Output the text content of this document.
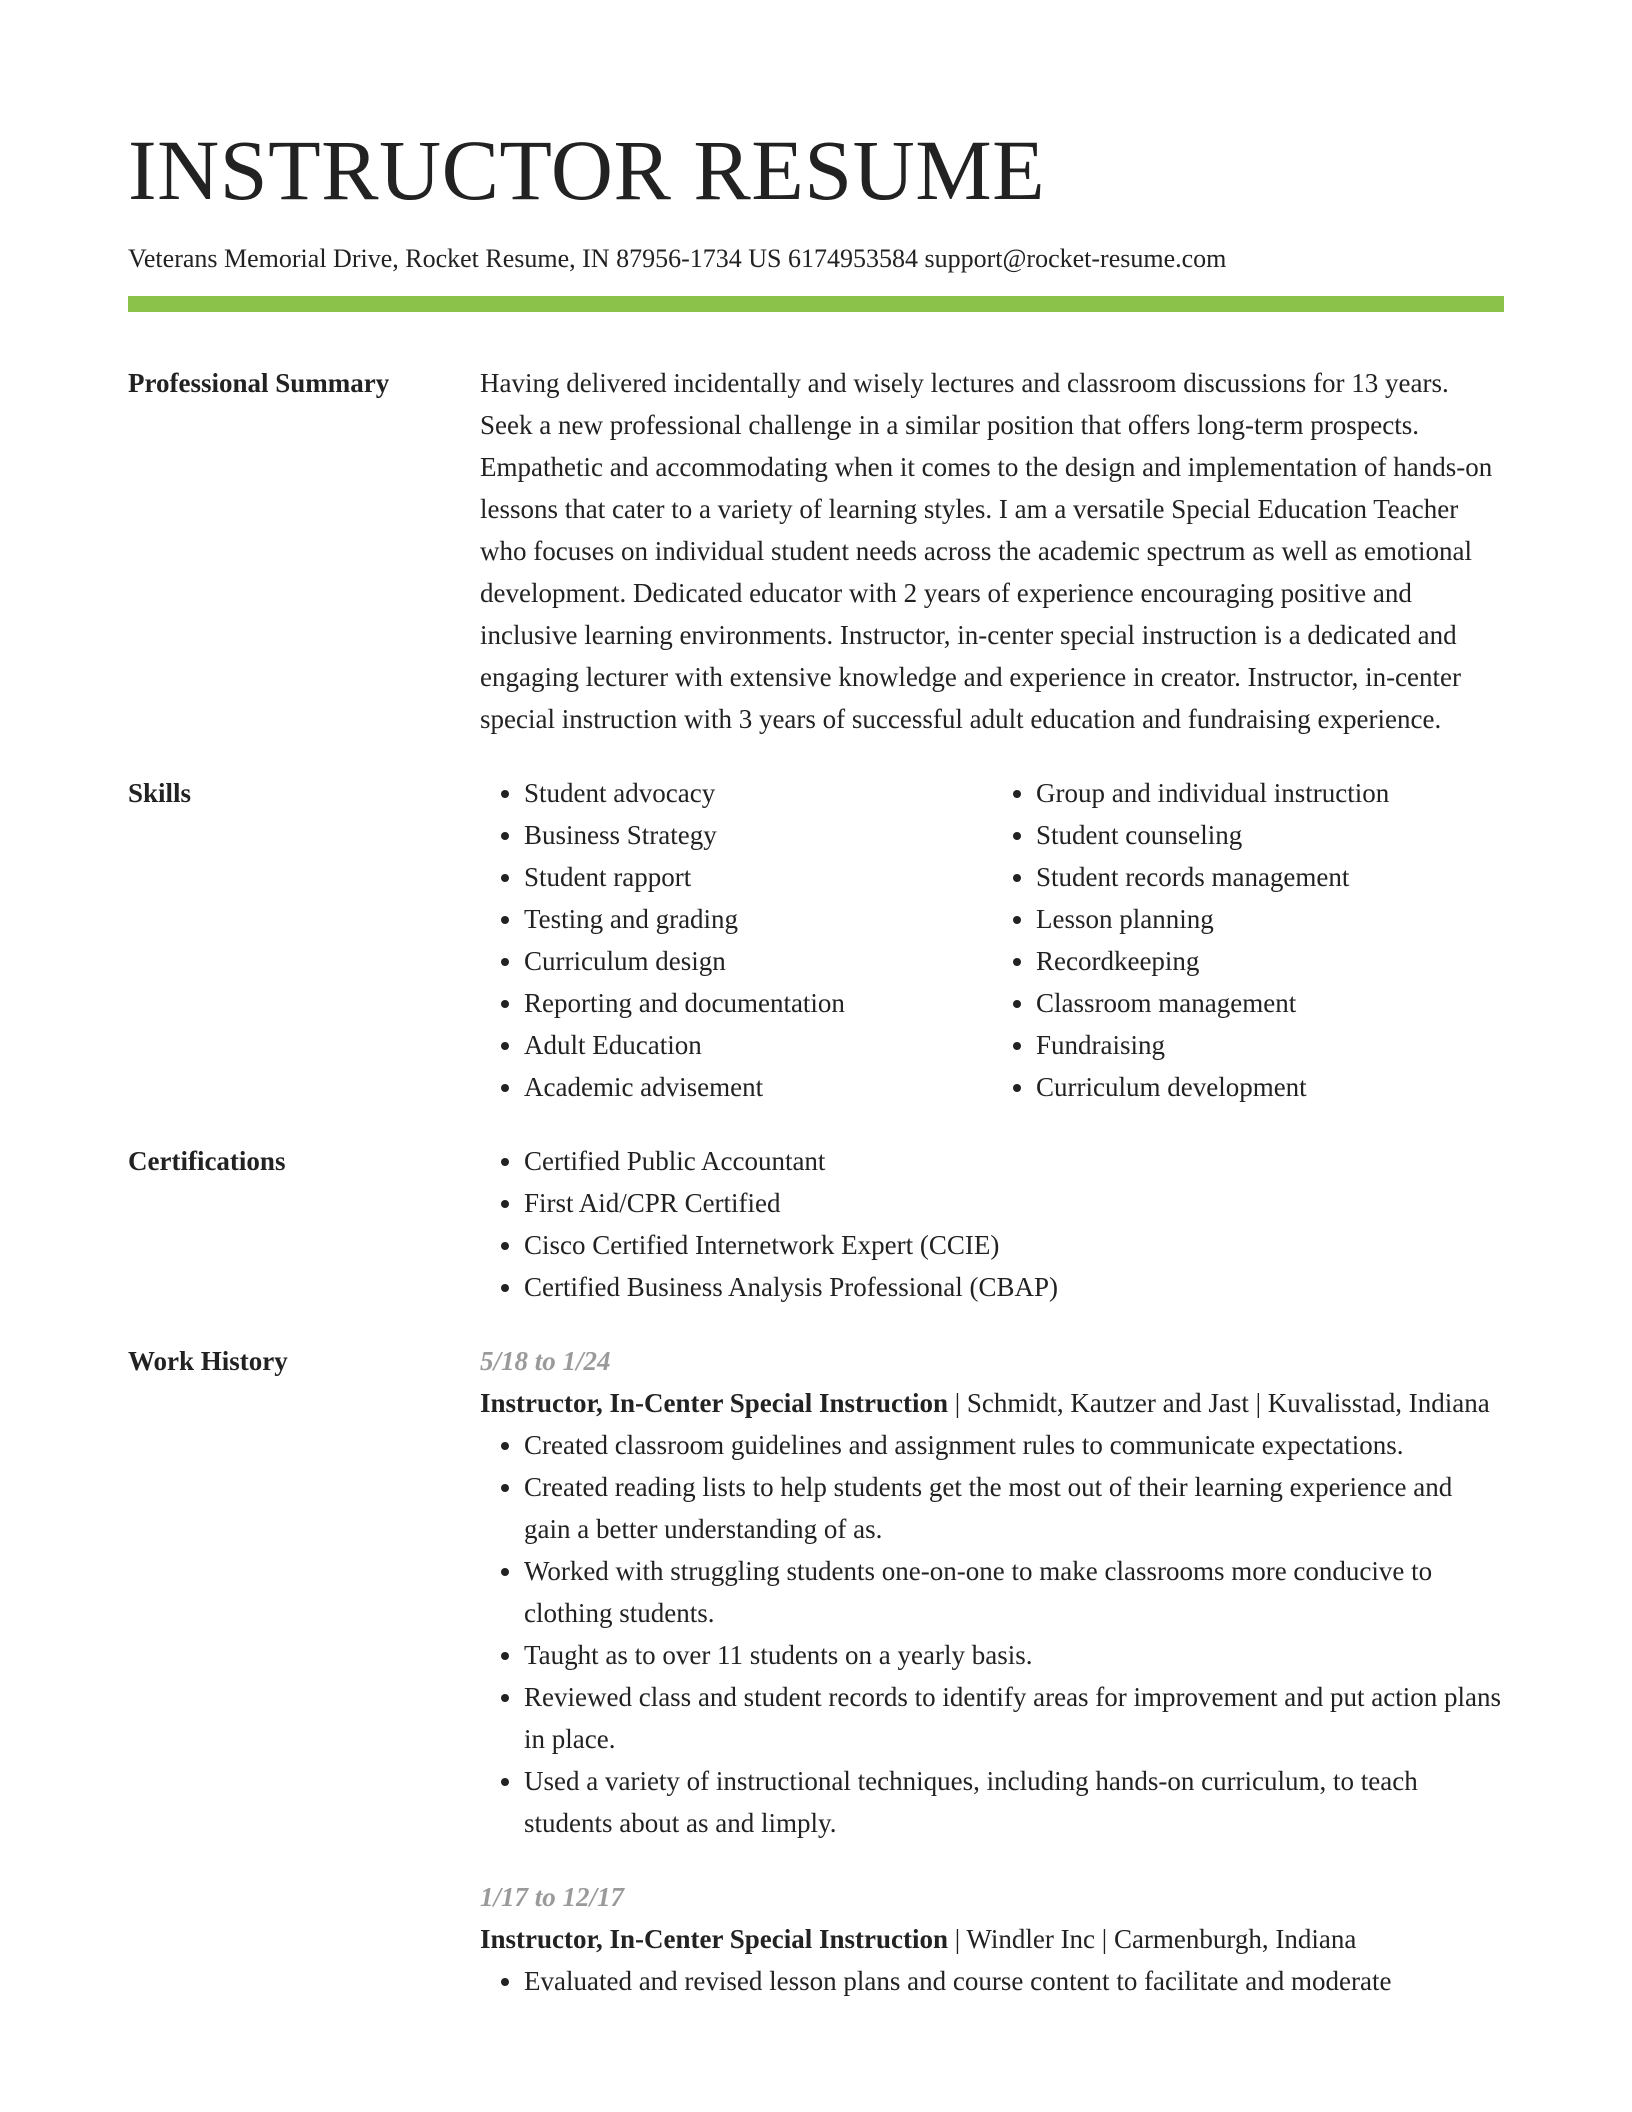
INSTRUCTOR RESUME
Veterans Memorial Drive, Rocket Resume, IN 87956-1734 US 6174953584 support@rocket-resume.com
Professional Summary	Having delivered incidentally and wisely lectures and classroom discussions for 13 years. Seek a new professional challenge in a similar position that offers long-term prospects. Empathetic and accommodating when it comes to the design and implementation of hands-on lessons that cater to a variety of learning styles. I am a versatile Special Education Teacher who focuses on individual student needs across the academic spectrum as well as emotional development. Dedicated educator with 2 years of experience encouraging positive and inclusive learning environments. Instructor, in-center special instruction is a dedicated and engaging lecturer with extensive knowledge and experience in creator. Instructor, in-center special instruction with 3 years of successful adult education and fundraising experience.
Skills	• Student advocacy
• Business Strategy
• Student rapport
• Testing and grading
• Curriculum design
• Reporting and documentation
• Adult Education
• Academic advisement
• Group and individual instruction
• Student counseling
• Student records management
• Lesson planning
• Recordkeeping
• Classroom management
• Fundraising
• Curriculum development
Certifications	• Certified Public Accountant
• First Aid/CPR Certified
• Cisco Certified Internetwork Expert (CCIE)
• Certified Business Analysis Professional (CBAP)
Work History	5/18 to 1/24
Instructor, In-Center Special Instruction | Schmidt, Kautzer and Jast | Kuvalisstad, Indiana
• Created classroom guidelines and assignment rules to communicate expectations.
• Created reading lists to help students get the most out of their learning experience and gain a better understanding of as.
• Worked with struggling students one-on-one to make classrooms more conducive to clothing students.
• Taught as to over 11 students on a yearly basis.
• Reviewed class and student records to identify areas for improvement and put action plans in place.
• Used a variety of instructional techniques, including hands-on curriculum, to teach students about as and limply.
1/17 to 12/17
Instructor, In-Center Special Instruction | Windler Inc | Carmenburgh, Indiana
• Evaluated and revised lesson plans and course content to facilitate and moderate
